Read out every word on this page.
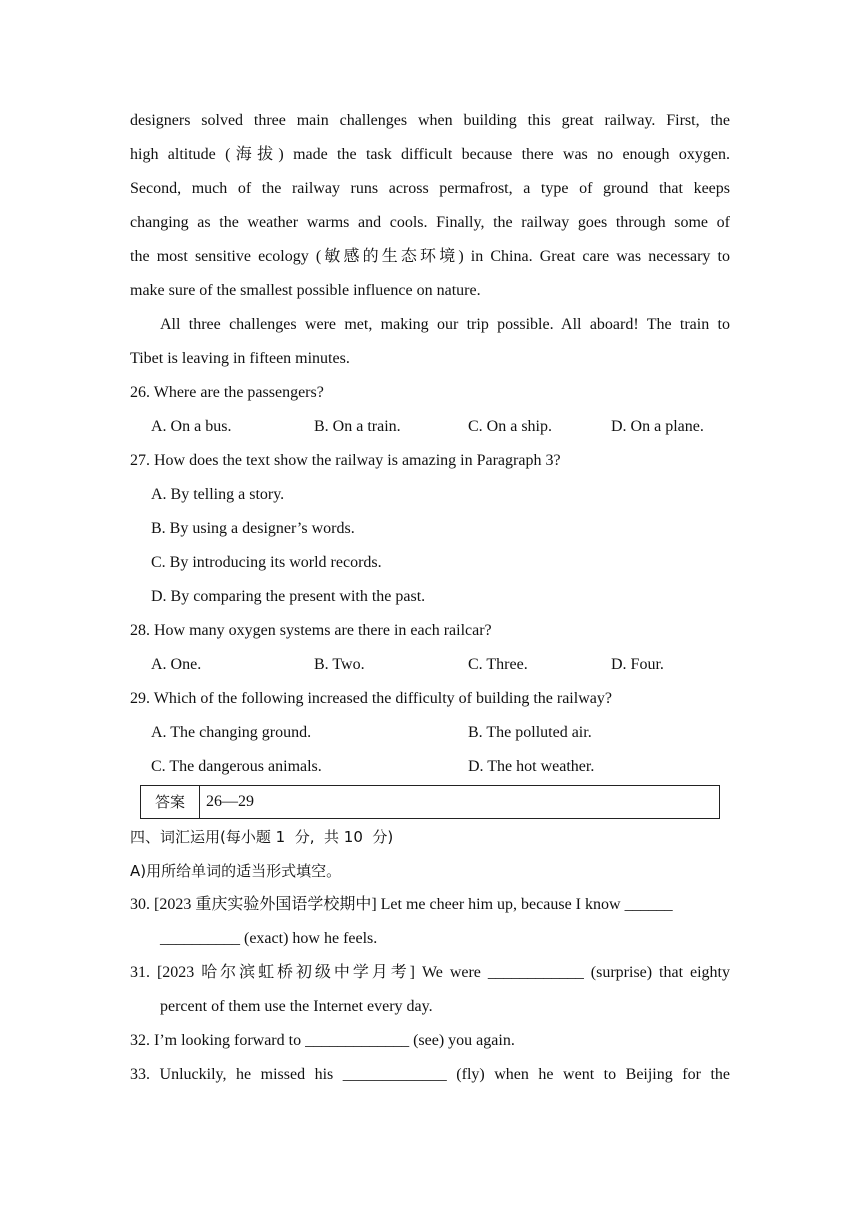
designers solved three main challenges when building this great railway. First, the
high altitude (海拔) made the task difficult because there was no enough oxygen.
Second, much of the railway runs across permafrost, a type of ground that keeps
changing as the weather warms and cools. Finally, the railway goes through some of
the most sensitive ecology (敏感的生态环境) in China. Great care was necessary to
make sure of the smallest possible influence on nature.
All three challenges were met, making our trip possible. All aboard! The train to
Tibet is leaving in fifteen minutes.
26. Where are the passengers?
A. On a bus.	B. On a train.	C. On a ship.	D. On a plane.
27. How does the text show the railway is amazing in Paragraph 3?
A. By telling a story.
B. By using a designer’s words.
C. By introducing its world records.
D. By comparing the present with the past.
28. How many oxygen systems are there in each railcar?
A. One.	B. Two.	C. Three.	D. Four.
29. Which of the following increased the difficulty of building the railway?
A. The changing ground.	B. The polluted air.
C. The dangerous animals.	D. The hot weather.
答案	26—29
四、词汇运用(每小题 1  分,  共 10  分)
A)用所给单词的适当形式填空。
30. [2023 重庆实验外国语学校期中] Let me cheer him up, because I know ______
__________ (exact) how he feels.
31. [2023 哈尔滨虹桥初级中学月考] We were ____________ (surprise) that eighty
percent of them use the Internet every day.
32. I’m looking forward to _____________ (see) you again.
33. Unluckily, he missed his _____________ (fly) when he went to Beijing for the
